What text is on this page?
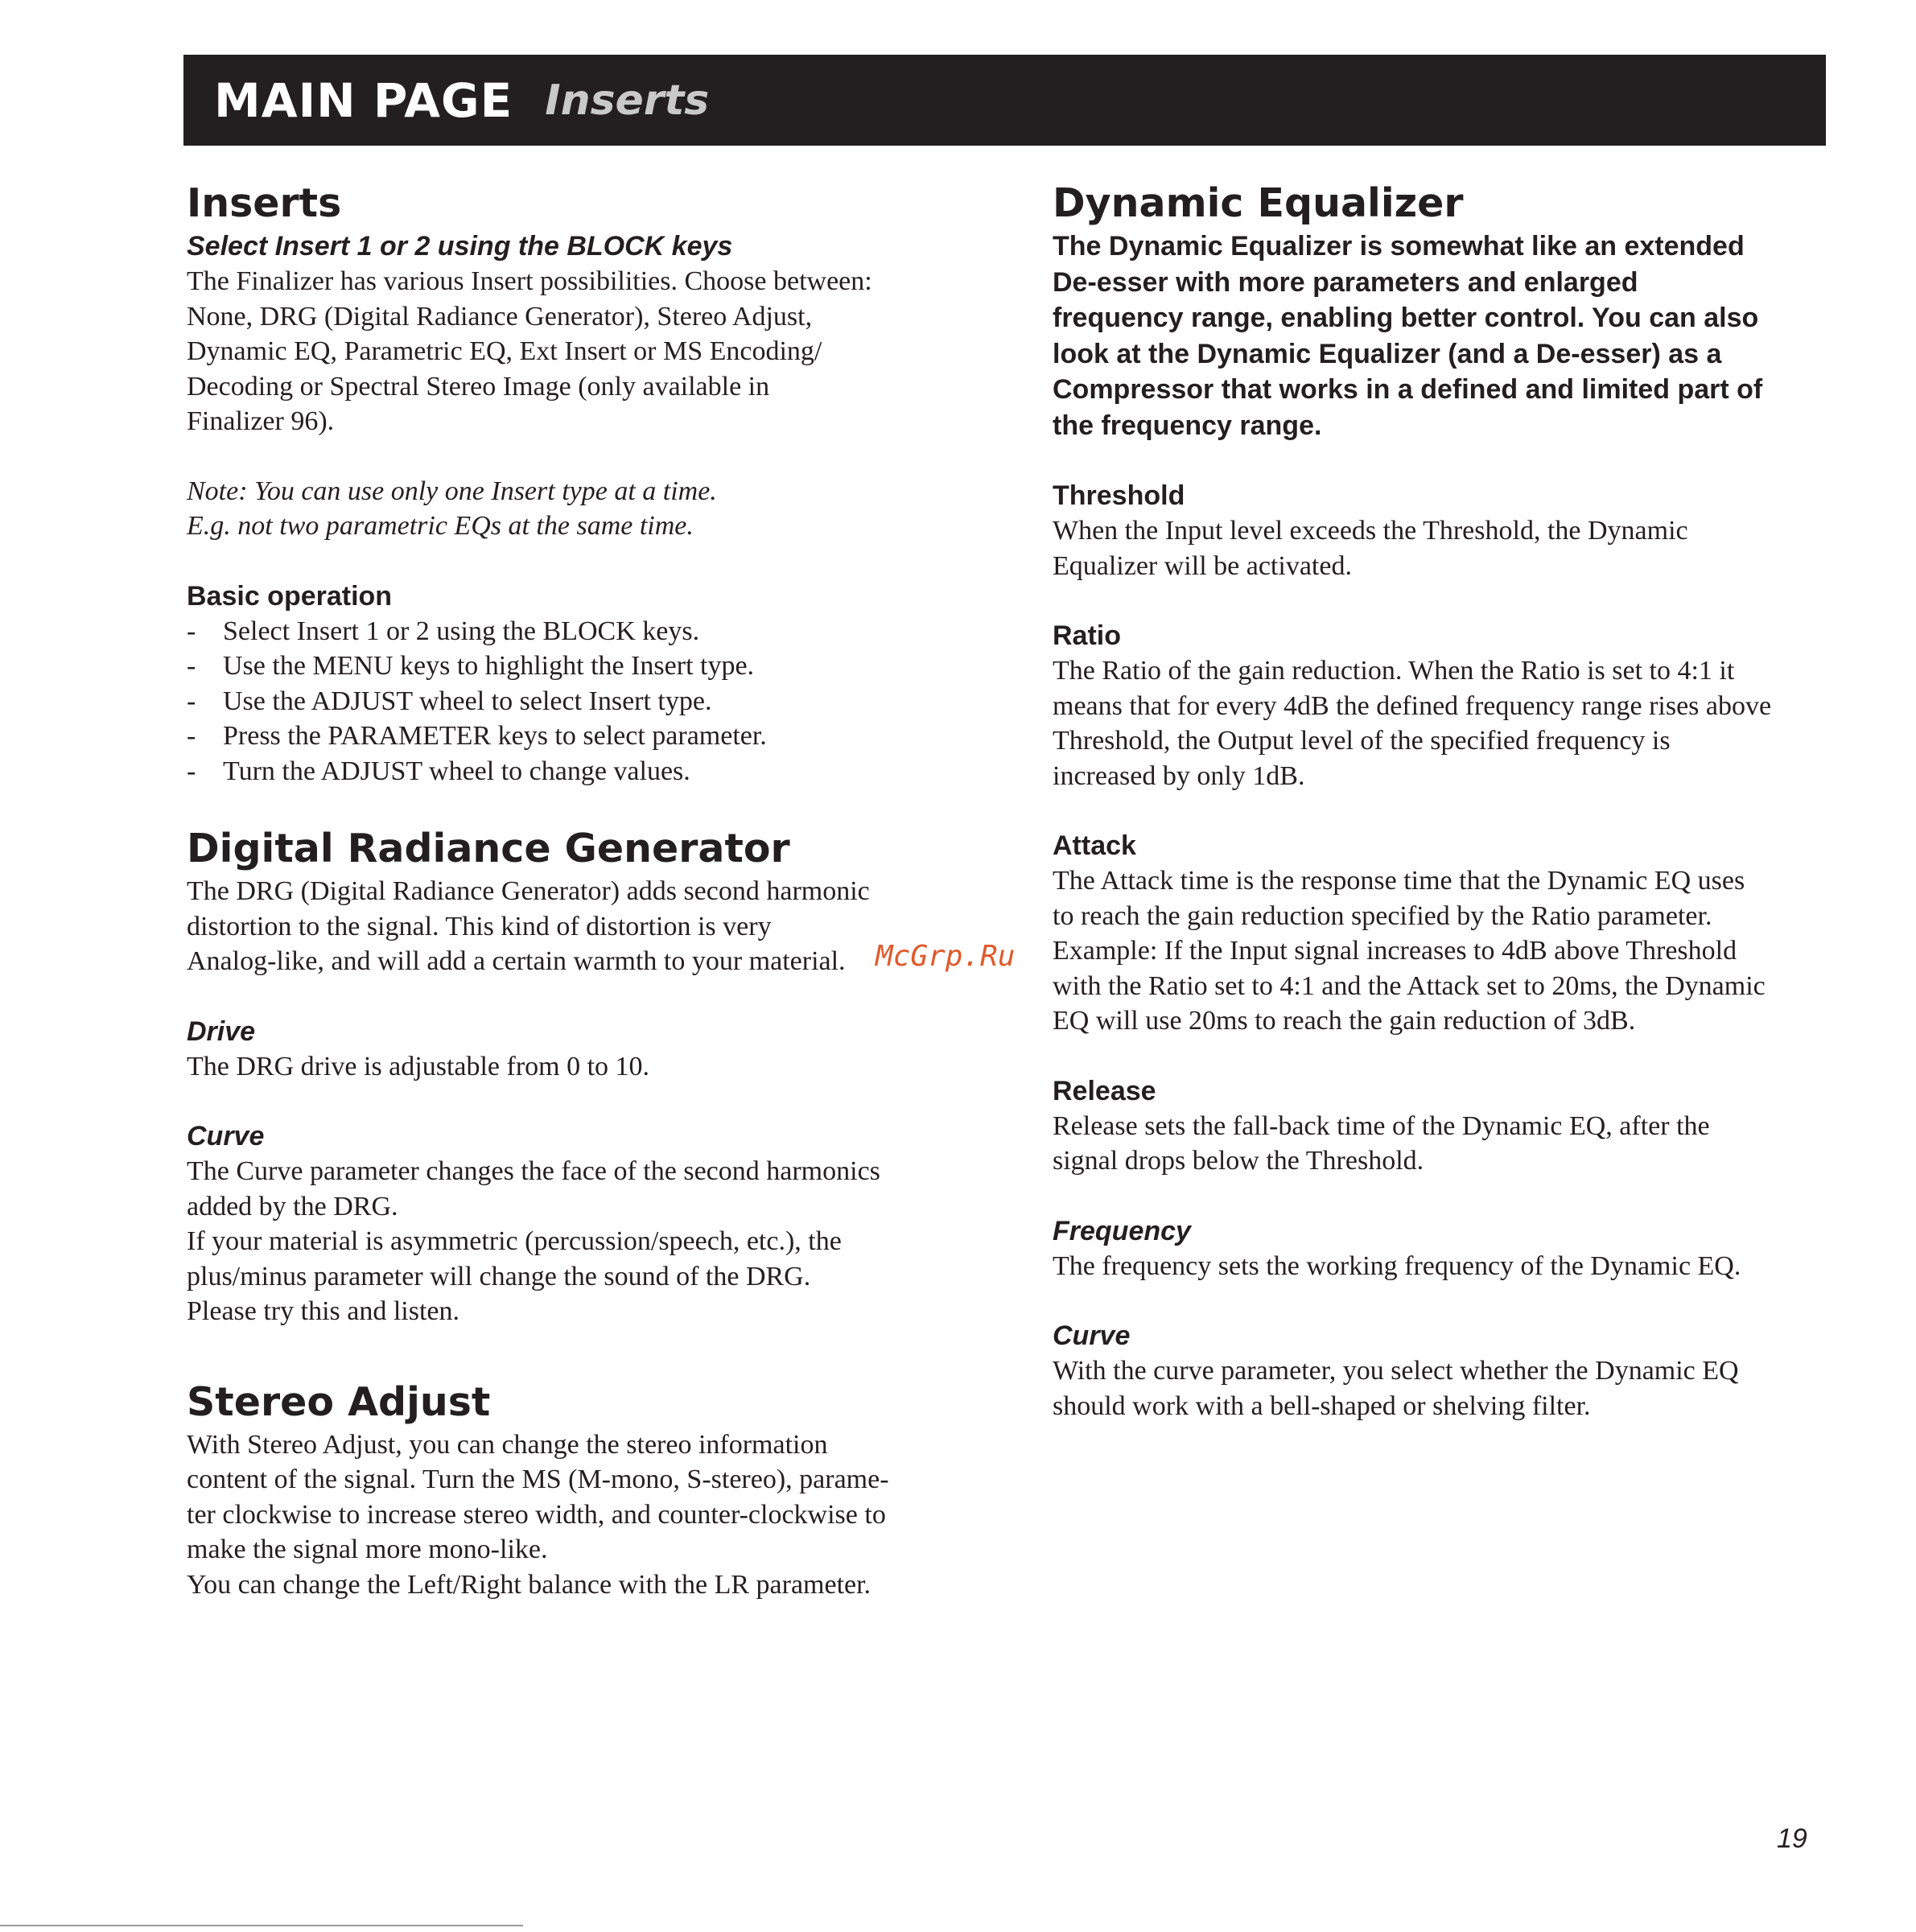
MAIN PAGE Inserts
Inserts
Select Insert 1 or 2 using the BLOCK keys

The Finalizer has various Insert possibilities. Choose between:

None, DRG (Digital Radiance Generator), Stereo Adjust,

Dynamic EQ, Parametric EQ, Ext Insert or MS Encoding/

Decoding or Spectral Stereo Image (only available in

Finalizer 96).

Note: You can use only one Insert type at a time.

E.g. not two parametric EQs at the same time.

Basic operation
- Select Insert 1 or 2 using the BLOCK keys.
- Use the MENU keys to highlight the Insert type.
- Use the ADJUST wheel to select Insert type.
- Press the PARAMETER keys to select parameter.
- Turn the ADJUST wheel to change values.
Digital Radiance Generator

The DRG (Digital Radiance Generator) adds second harmonic

distortion to the signal. This kind of distortion is very

Analog-like, and will add a certain warmth to your material.

Drive

The DRG drive is adjustable from 0 to 10.

Curve

The Curve parameter changes the face of the second harmonics

added by the DRG.

If your material is asymmetric (percussion/speech, etc.), the

plus/minus parameter will change the sound of the DRG.

Please try this and listen.

Stereo Adjust

With Stereo Adjust, you can change the stereo information

content of the signal. Turn the MS (M-mono, S-stereo), parame-

ter clockwise to increase stereo width, and counter-clockwise to

make the signal more mono-like.

You can change the Left/Right balance with the LR parameter.

Dynamic Equalizer

The Dynamic Equalizer is somewhat like an extended

De-esser with more parameters and enlarged

frequency range, enabling better control. You can also

look at the Dynamic Equalizer (and a De-esser) as a

Compressor that works in a defined and limited part of

the frequency range.

Threshold

When the Input level exceeds the Threshold, the Dynamic

Equalizer will be activated.

Ratio

The Ratio of the gain reduction. When the Ratio is set to 4:1 it

means that for every 4dB the defined frequency range rises above

Threshold, the Output level of the specified frequency is

increased by only 1dB.

Attack

The Attack time is the response time that the Dynamic EQ uses

to reach the gain reduction specified by the Ratio parameter.

Example: If the Input signal increases to 4dB above Threshold

with the Ratio set to 4:1 and the Attack set to 20ms, the Dynamic

EQ will use 20ms to reach the gain reduction of 3dB.

Release

Release sets the fall-back time of the Dynamic EQ, after the

signal drops below the Threshold.

Frequency

The frequency sets the working frequency of the Dynamic EQ.

Curve

With the curve parameter, you select whether the Dynamic EQ

should work with a bell-shaped or shelving filter.

McGrp.Ru
19
